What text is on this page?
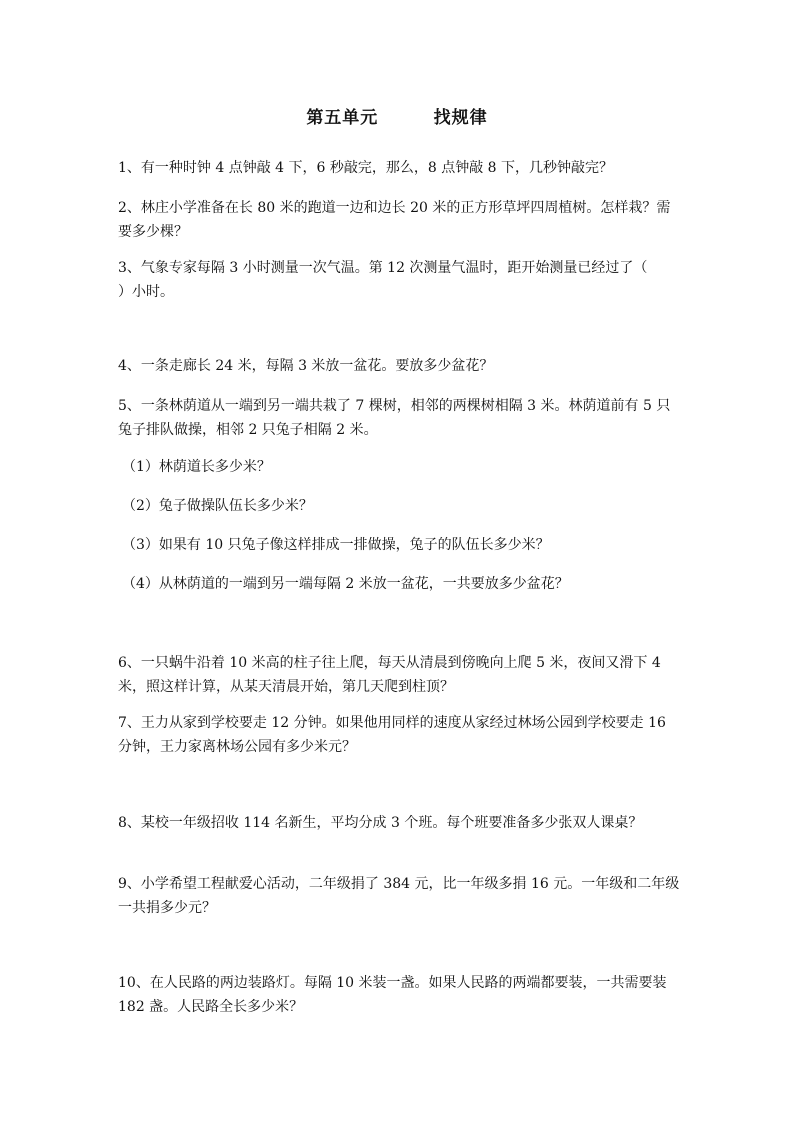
第五单元        找规律
1、有一种时钟 4 点钟敲 4 下，6 秒敲完，那么，8 点钟敲 8 下，几秒钟敲完？
2、林庄小学准备在长 80 米的跑道一边和边长 20 米的正方形草坪四周植树。怎样栽？需要多少棵？
3、气象专家每隔 3 小时测量一次气温。第 12 次测量气温时，距开始测量已经过了（        ）小时。
4、一条走廊长 24 米，每隔 3 米放一盆花。要放多少盆花？
5、一条林荫道从一端到另一端共栽了 7 棵树，相邻的两棵树相隔 3 米。林荫道前有 5 只兔子排队做操，相邻 2 只兔子相隔 2 米。
（1）林荫道长多少米？
（2）兔子做操队伍长多少米？
（3）如果有 10 只兔子像这样排成一排做操，兔子的队伍长多少米？
（4）从林荫道的一端到另一端每隔 2 米放一盆花，一共要放多少盆花？
6、一只蜗牛沿着 10 米高的柱子往上爬，每天从清晨到傍晚向上爬 5 米，夜间又滑下 4 米，照这样计算，从某天清晨开始，第几天爬到柱顶？
7、王力从家到学校要走 12 分钟。如果他用同样的速度从家经过林场公园到学校要走 16 分钟，王力家离林场公园有多少米元？
8、某校一年级招收 114 名新生，平均分成 3 个班。每个班要准备多少张双人课桌？
9、小学希望工程献爱心活动，二年级捐了 384 元，比一年级多捐 16 元。一年级和二年级一共捐多少元？
10、在人民路的两边装路灯。每隔 10 米装一盏。如果人民路的两端都要装，一共需要装 182 盏。人民路全长多少米？
